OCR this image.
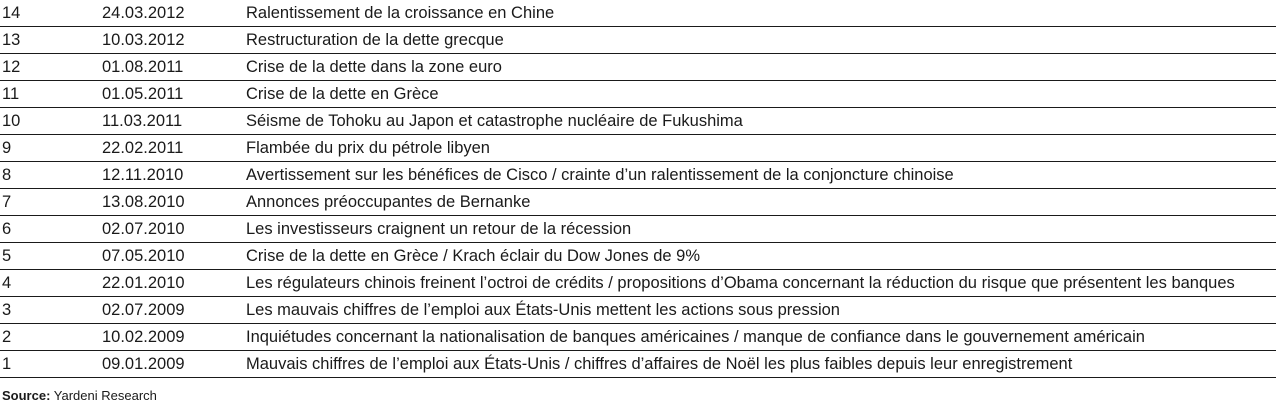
14	24.03.2012	Ralentissement de la croissance en Chine
13	10.03.2012	Restructuration de la dette grecque
12	01.08.2011	Crise de la dette dans la zone euro
11	01.05.2011	Crise de la dette en Grèce
10	11.03.2011	Séisme de Tohoku au Japon et catastrophe nucléaire de Fukushima
9	22.02.2011	Flambée du prix du pétrole libyen
8	12.11.2010	Avertissement sur les bénéfices de Cisco / crainte d’un ralentissement de la conjoncture chinoise
7	13.08.2010	Annonces préoccupantes de Bernanke
6	02.07.2010	Les investisseurs craignent un retour de la récession
5	07.05.2010	Crise de la dette en Grèce / Krach éclair du Dow Jones de 9%
4	22.01.2010	Les régulateurs chinois freinent l’octroi de crédits / propositions d’Obama concernant la réduction du risque que présentent les banques
3	02.07.2009	Les mauvais chiffres de l’emploi aux États-Unis mettent les actions sous pression
2	10.02.2009	Inquiétudes concernant la nationalisation de banques américaines / manque de confiance dans le gouvernement américain
1	09.01.2009	Mauvais chiffres de l’emploi aux États-Unis / chiffres d’affaires de Noël les plus faibles depuis leur enregistrement
Source: Yardeni Research
